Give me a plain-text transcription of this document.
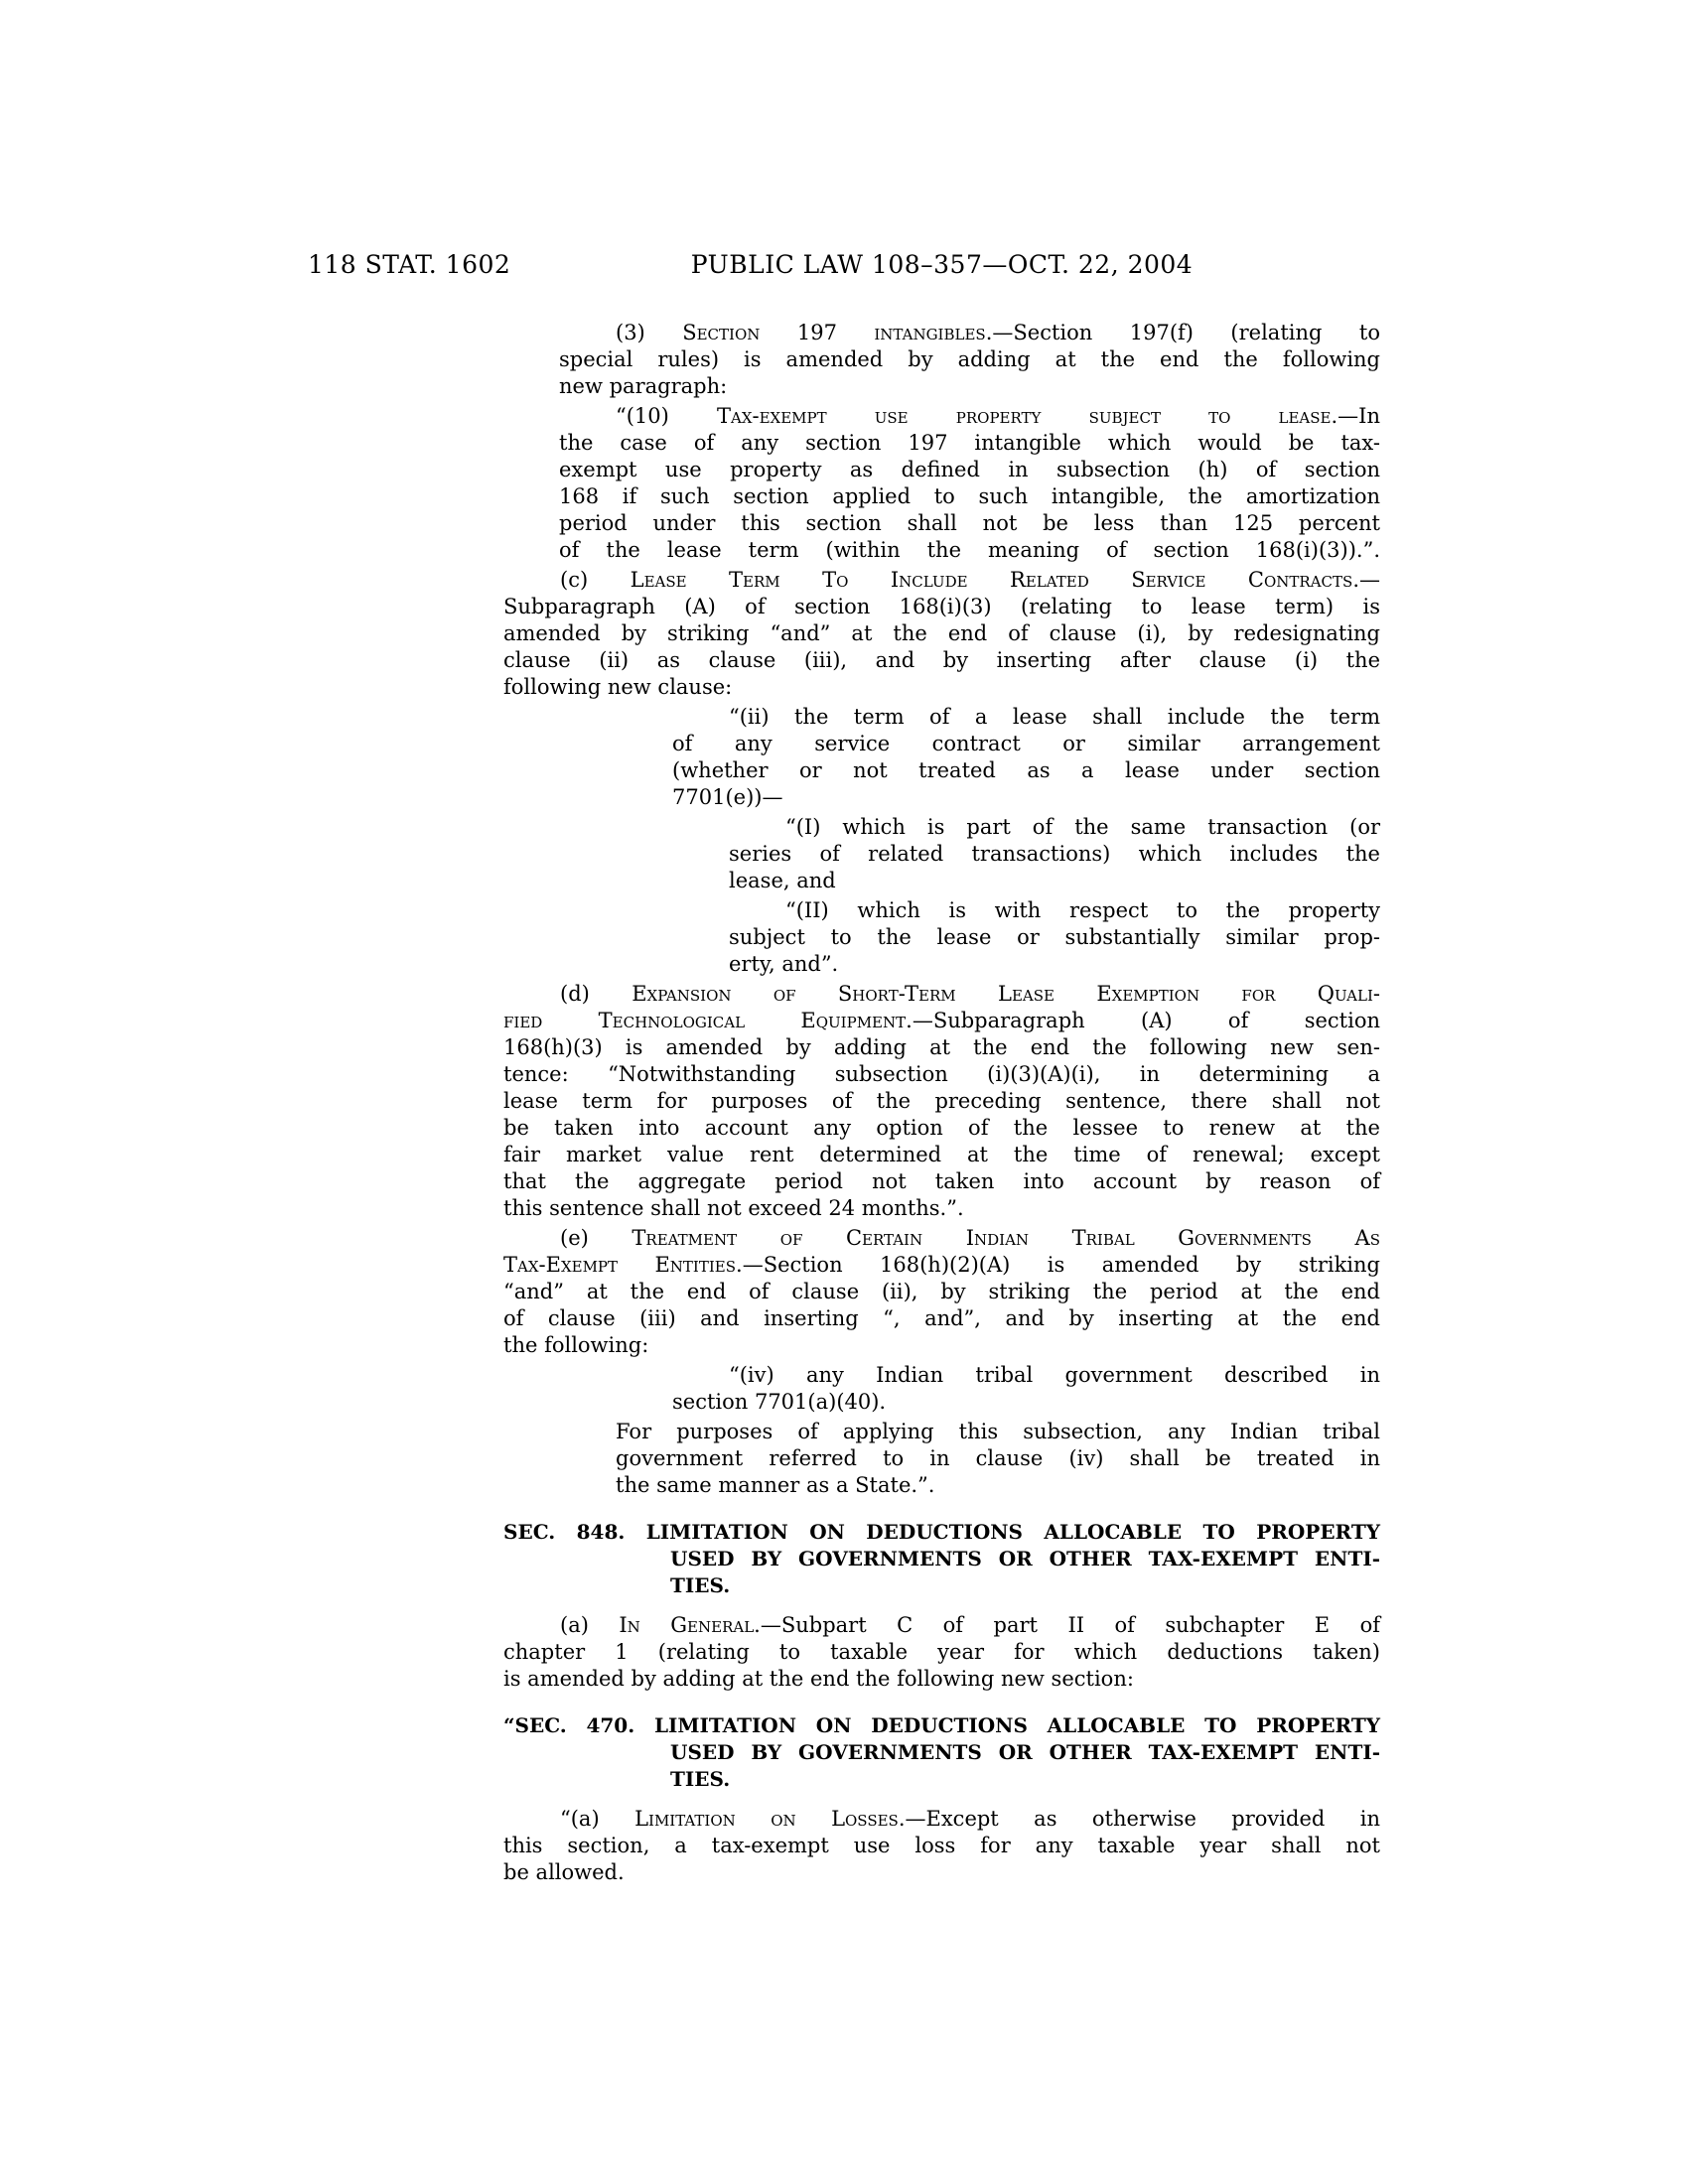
118 STAT. 1602	PUBLIC LAW 108–357—OCT. 22, 2004
(3) Section 197 intangibles.—Section 197(f) (relating to
special rules) is amended by adding at the end the following
new paragraph:
“(10) Tax-exempt use property subject to lease.—In
the case of any section 197 intangible which would be tax-
exempt use property as defined in subsection (h) of section
168 if such section applied to such intangible, the amortization
period under this section shall not be less than 125 percent
of the lease term (within the meaning of section 168(i)(3)).”.
(c) Lease Term To Include Related Service Contracts.—
Subparagraph (A) of section 168(i)(3) (relating to lease term) is
amended by striking “and” at the end of clause (i), by redesignating
clause (ii) as clause (iii), and by inserting after clause (i) the
following new clause:
“(ii) the term of a lease shall include the term
of any service contract or similar arrangement
(whether or not treated as a lease under section
7701(e))—
“(I) which is part of the same transaction (or
series of related transactions) which includes the
lease, and
“(II) which is with respect to the property
subject to the lease or substantially similar prop-
erty, and”.
(d) Expansion of Short-Term Lease Exemption for Quali-
fied Technological Equipment.—Subparagraph (A) of section
168(h)(3) is amended by adding at the end the following new sen-
tence: “Notwithstanding subsection (i)(3)(A)(i), in determining a
lease term for purposes of the preceding sentence, there shall not
be taken into account any option of the lessee to renew at the
fair market value rent determined at the time of renewal; except
that the aggregate period not taken into account by reason of
this sentence shall not exceed 24 months.”.
(e) Treatment of Certain Indian Tribal Governments As
Tax-Exempt Entities.—Section 168(h)(2)(A) is amended by striking
“and” at the end of clause (ii), by striking the period at the end
of clause (iii) and inserting “, and”, and by inserting at the end
the following:
“(iv) any Indian tribal government described in
section 7701(a)(40).
For purposes of applying this subsection, any Indian tribal
government referred to in clause (iv) shall be treated in
the same manner as a State.”.
SEC. 848. LIMITATION ON DEDUCTIONS ALLOCABLE TO PROPERTY
USED BY GOVERNMENTS OR OTHER TAX-EXEMPT ENTI-
TIES.
(a) In General.—Subpart C of part II of subchapter E of
chapter 1 (relating to taxable year for which deductions taken)
is amended by adding at the end the following new section:
“SEC. 470. LIMITATION ON DEDUCTIONS ALLOCABLE TO PROPERTY
USED BY GOVERNMENTS OR OTHER TAX-EXEMPT ENTI-
TIES.
“(a) Limitation on Losses.—Except as otherwise provided in
this section, a tax-exempt use loss for any taxable year shall not
be allowed.
